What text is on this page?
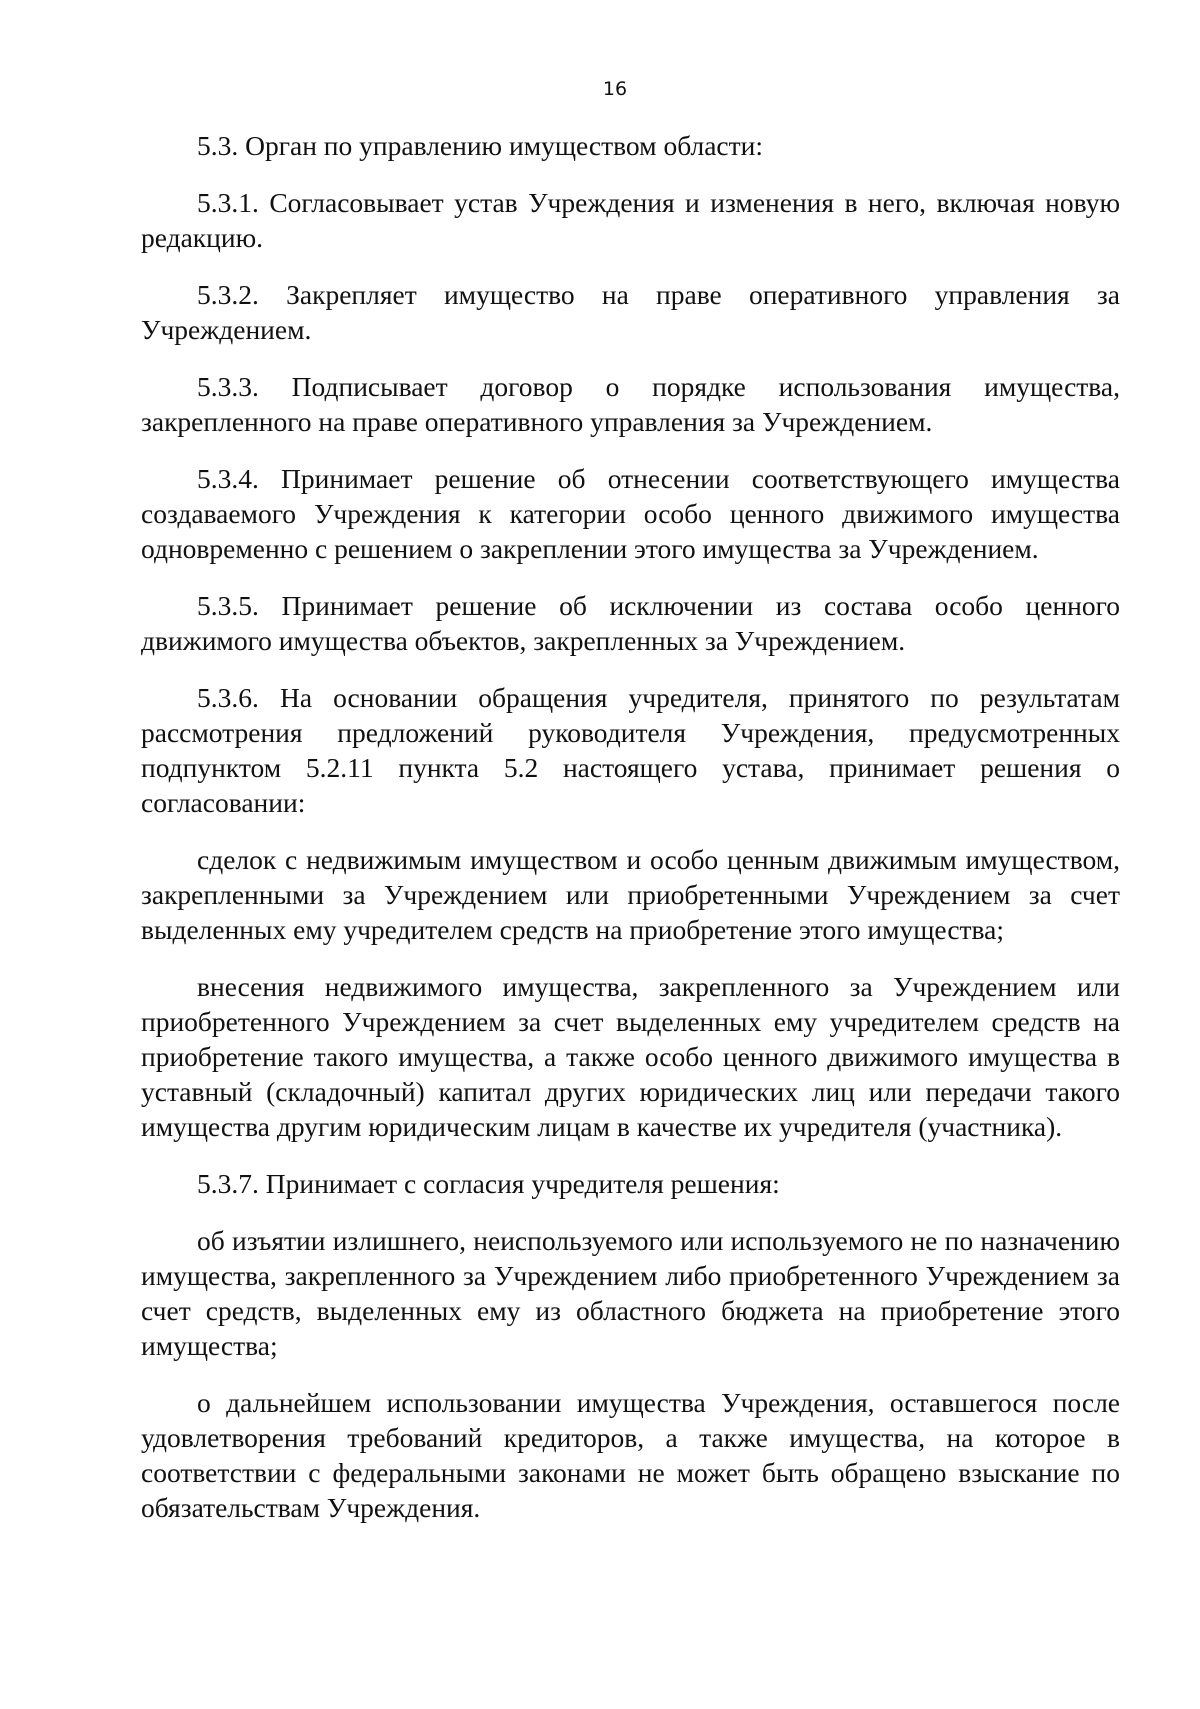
16

5.3. Орган по управлению имуществом области:

5.3.1. Согласовывает устав Учреждения и изменения в него, включая новую редакцию.

5.3.2. Закрепляет имущество на праве оперативного управления за Учреждением.

5.3.3. Подписывает договор о порядке использования имущества, закрепленного на праве оперативного управления за Учреждением.

5.3.4. Принимает решение об отнесении соответствующего имущества создаваемого Учреждения к категории особо ценного движимого имущества одновременно с решением о закреплении этого имущества за Учреждением.

5.3.5. Принимает решение об исключении из состава особо ценного движимого имущества объектов, закрепленных за Учреждением.

5.3.6. На основании обращения учредителя, принятого по результатам рассмотрения предложений руководителя Учреждения, предусмотренных подпунктом 5.2.11 пункта 5.2 настоящего устава, принимает решения о согласовании:

сделок с недвижимым имуществом и особо ценным движимым имуществом, закрепленными за Учреждением или приобретенными Учреждением за счет выделенных ему учредителем средств на приобретение этого имущества;

внесения недвижимого имущества, закрепленного за Учреждением или приобретенного Учреждением за счет выделенных ему учредителем средств на приобретение такого имущества, а также особо ценного движимого имущества в уставный (складочный) капитал других юридических лиц или передачи такого имущества другим юридическим лицам в качестве их учредителя (участника).

5.3.7. Принимает с согласия учредителя решения:

об изъятии излишнего, неиспользуемого или используемого не по назначению имущества, закрепленного за Учреждением либо приобретенного Учреждением за счет средств, выделенных ему из областного бюджета на приобретение этого имущества;

о дальнейшем использовании имущества Учреждения, оставшегося после удовлетворения требований кредиторов, а также имущества, на которое в соответствии с федеральными законами не может быть обращено взыскание по обязательствам Учреждения.
